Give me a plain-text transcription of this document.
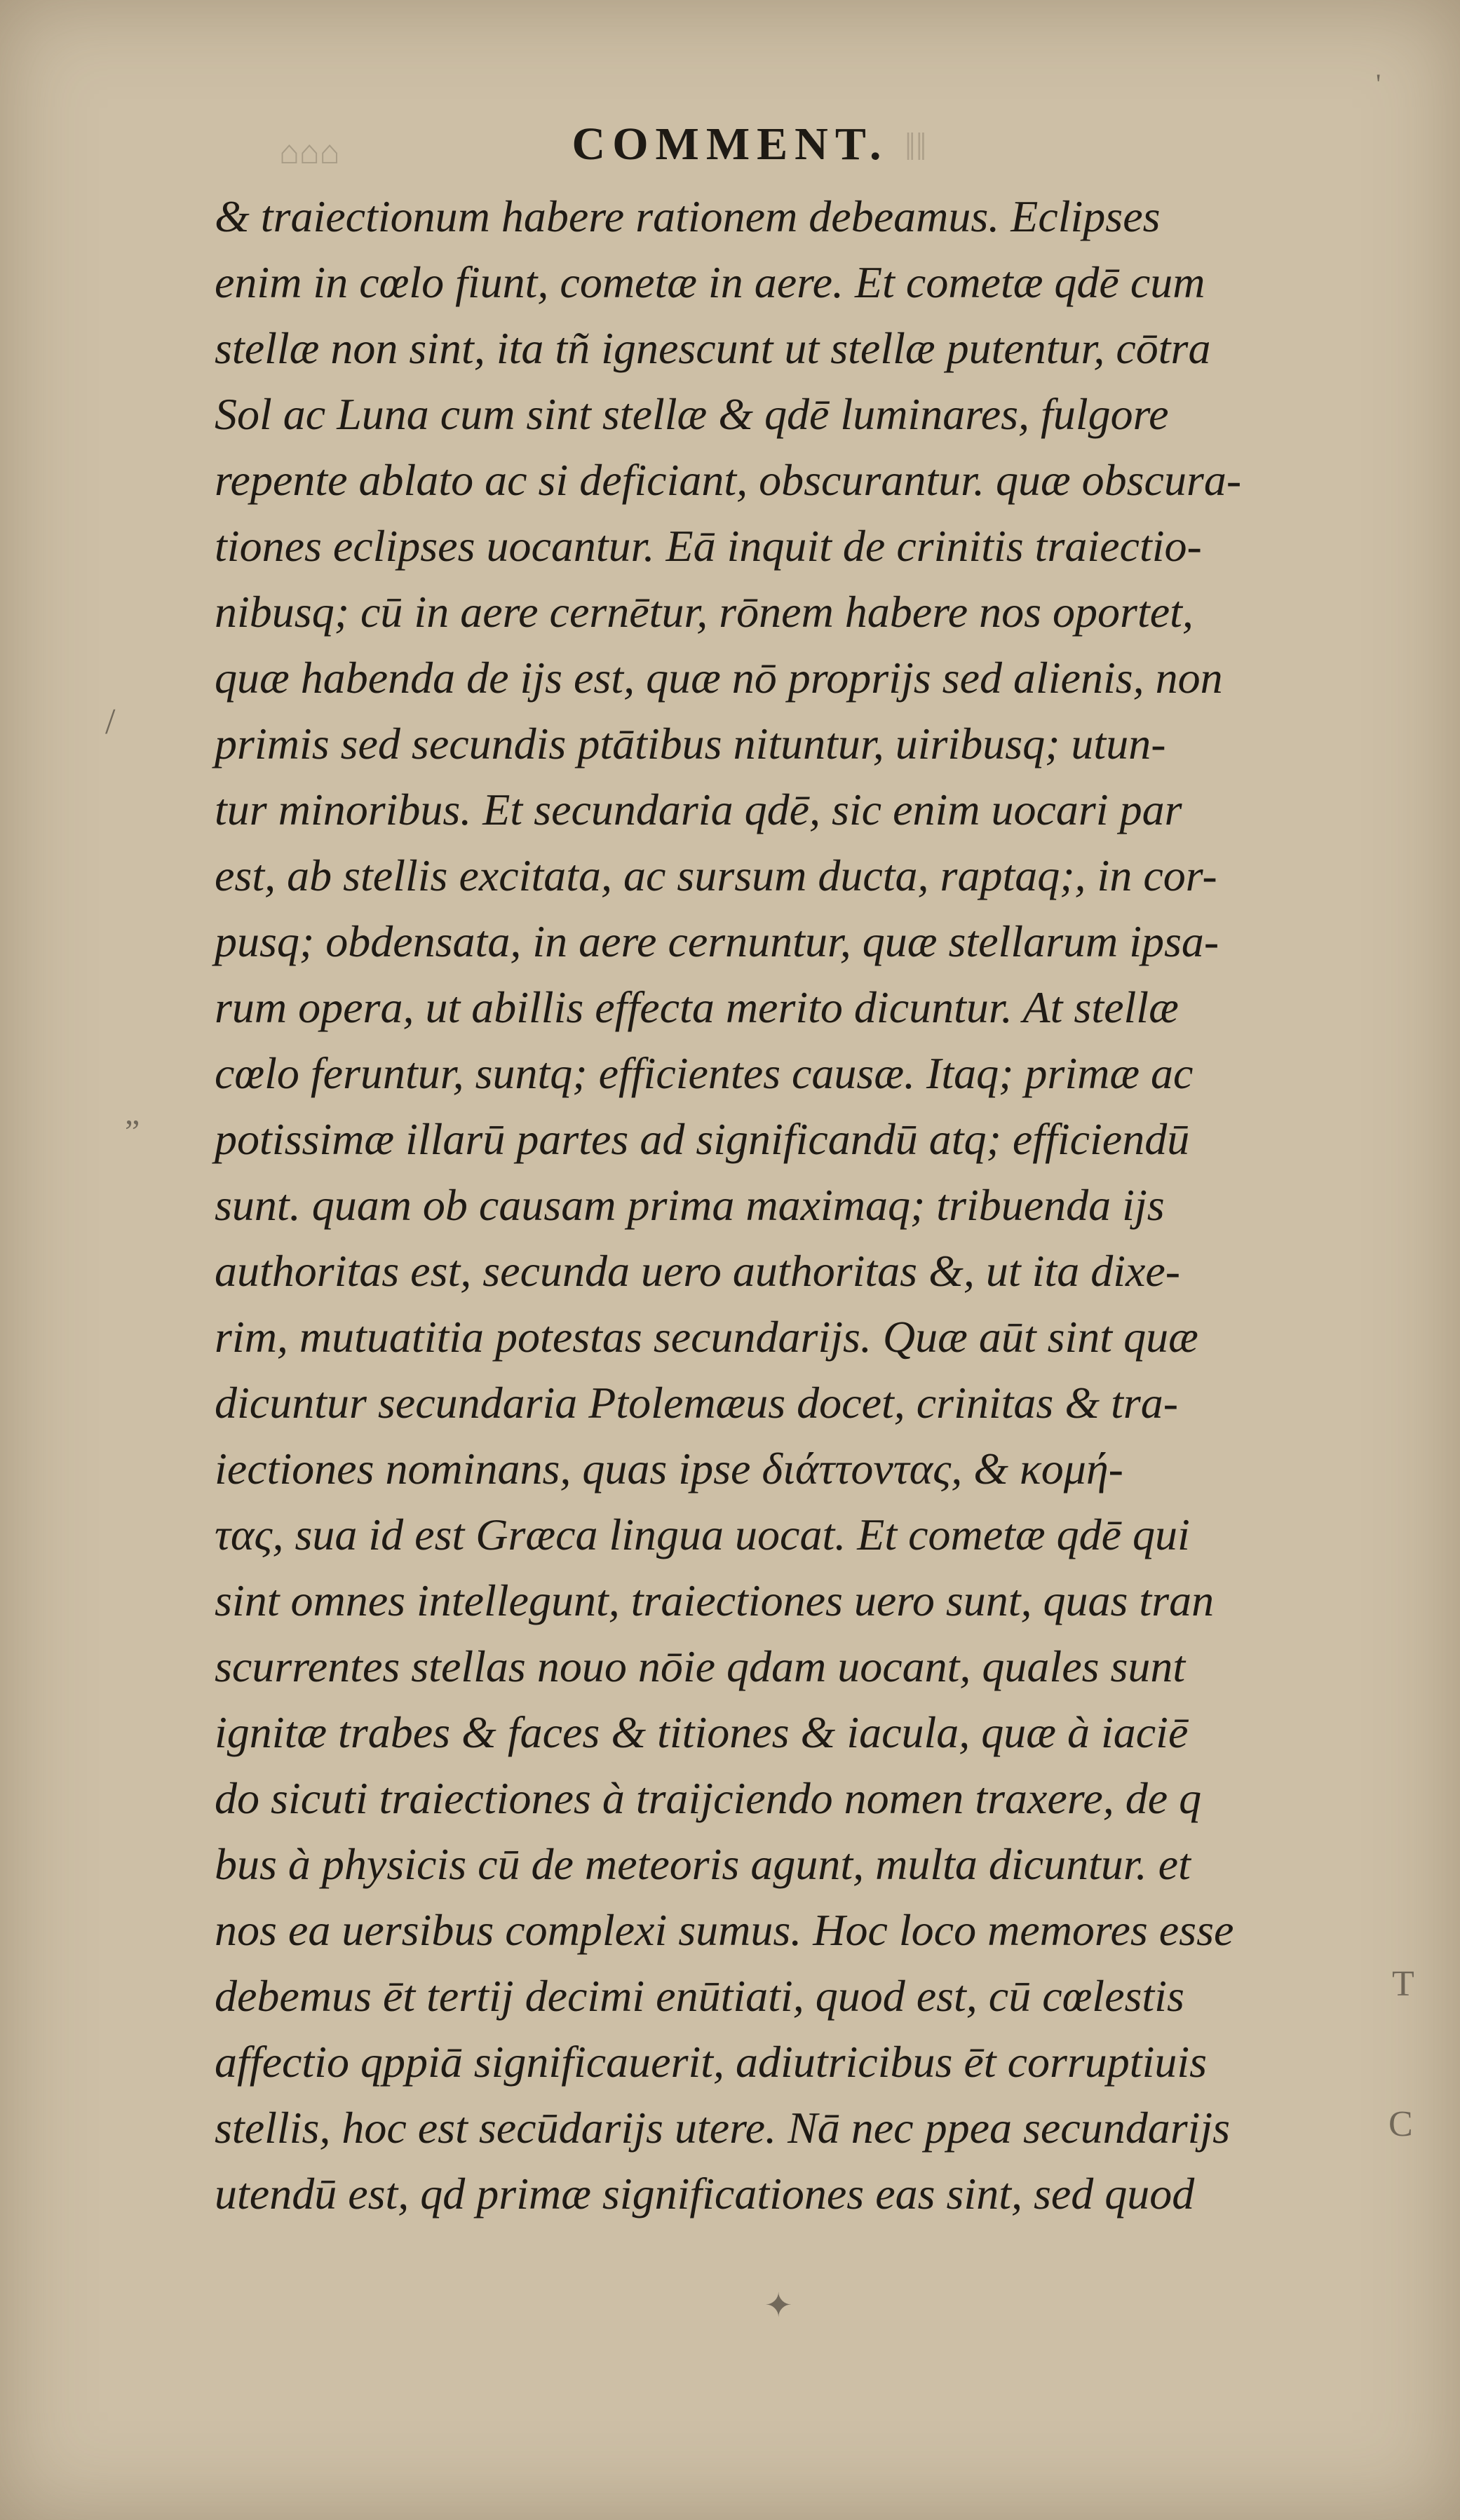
⌂⌂⌂	‖‖
COMMENT.
& traiectionum habere rationem debeamus. Eclipses
enim in cœlo fiunt, cometæ in aere. Et cometæ qdē cum
stellæ non sint, ita tñ ignescunt ut stellæ putentur, cōtra
Sol ac Luna cum sint stellæ & qdē luminares, fulgore
repente ablato ac si deficiant, obscurantur. quæ obscura-
tiones eclipses uocantur. Eā inquit de crinitis traiectio-
nibusq; cū in aere cernētur, rōnem habere nos oportet,
quæ habenda de ijs est, quæ nō proprijs sed alienis, non
primis sed secundis ptātibus nituntur, uiribusq; utun-
tur minoribus. Et secundaria qdē, sic enim uocari par
est, ab stellis excitata, ac sursum ducta, raptaq;, in cor-
pusq; obdensata, in aere cernuntur, quæ stellarum ipsa-
rum opera, ut abillis effecta merito dicuntur. At stellæ
cœlo feruntur, suntq; efficientes causæ. Itaq; primæ ac
potissimæ illarū partes ad significandū atq; efficiendū
sunt. quam ob causam prima maximaq; tribuenda ijs
authoritas est, secunda uero authoritas &, ut ita dixe-
rim, mutuatitia potestas secundarijs. Quæ aūt sint quæ
dicuntur secundaria Ptolemæus docet, crinitas & tra-
iectiones nominans, quas ipse διάττοντας, & κομή-
τας, sua id est Græca lingua uocat. Et cometæ qdē qui
sint omnes intellegunt, traiectiones uero sunt, quas tran
scurrentes stellas nouo nōie qdam uocant, quales sunt
ignitæ trabes & faces & titiones & iacula, quæ à iaciē
do sicuti traiectiones à traijciendo nomen traxere, de q
bus à physicis cū de meteoris agunt, multa dicuntur. et
nos ea uersibus complexi sumus. Hoc loco memores esse
debemus ēt tertij decimi enūtiati, quod est, cū cœlestis
affectio qppiā significauerit, adiutricibus ēt corruptiuis
stellis, hoc est secūdarijs utere. Nā nec ppea secundarijs
utendū est, qd primæ significationes eas sint, sed quod
'
/
„
C
T
✦
